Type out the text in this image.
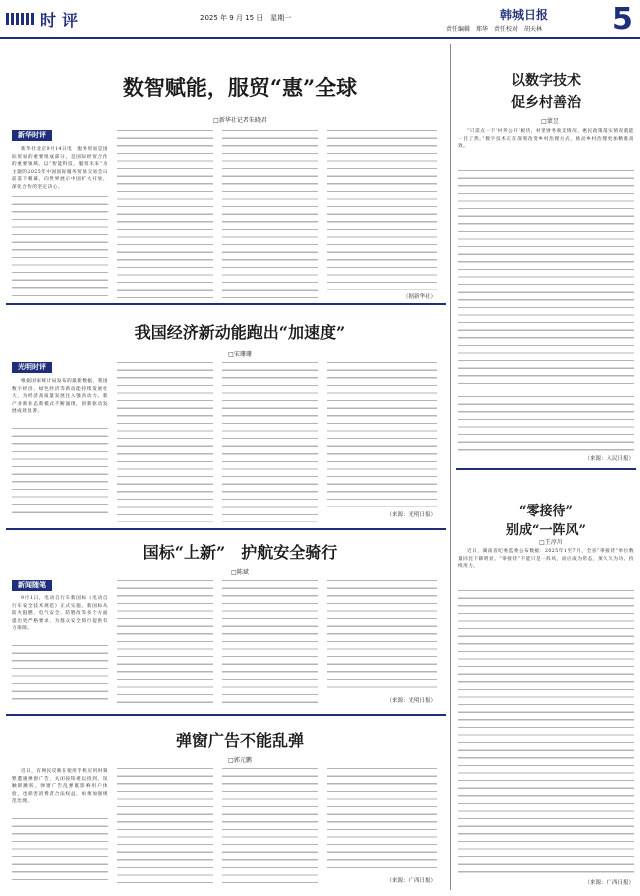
时评	2025 年 9 月 15 日　星期一	韩城日报
责任编辑　郑华　责任校对　胡天林 5
数智赋能，服贸“惠”全球
□新华社记者朱晓君
新华时评
新华社北京9月14日电　服务贸易是国际贸易的重要组成部分，是国际经贸合作的重要领域。以“智能科技，服贸未来”为主题的2025年中国国际服务贸易交易会日前落下帷幕，向世界展示中国扩大开放、深化合作的坚定决心。
（据新华社）
我国经济新动能跑出“加速度”
□宋珊珊
光明时评
根据国家统计局发布的最新数据，我国数字经济、绿色经济等新动能持续发展壮大，为经济高质量发展注入强劲动力。新产业新业态新模式不断涌现，创新驱动发展成效显著。
（来源：光明日报）
国标“上新”　护航安全骑行
□陈斌
新闻随笔
9月1日，电动自行车新国标《电动自行车安全技术规范》正式实施。新国标从防火阻燃、电气安全、防篡改等多个方面提出更严格要求，为群众安全骑行提供有力保障。
（来源：光明日报）
弹窗广告不能乱弹
□郭元鹏
近日，有网民反映在使用手机应用时频繁遭遇弹窗广告，关闭按钮难以找到，误触即跳转。弹窗广告乱弹既影响用户体验，也损害消费者合法权益，亟须加强规范治理。
（来源：广西日报）
以数字技术
促乡村善治
□蒙昱
“只需点一下‘村务公开’板块，村里财务收支情况、惠民政策落实情况就能一目了然。”数字技术正在深刻改变乡村治理方式，推动乡村治理更加精准高效。
（来源：人民日报）
“零接待”
别成“一阵风”
□王淳川
近日，湖南省纪委监委公布数据：2025年1至7月，全省“零接待”单位数量同比下降明显。“零接待”不能只是一阵风，而应成为常态，须久久为功、持续用力。
（来源：广西日报）
